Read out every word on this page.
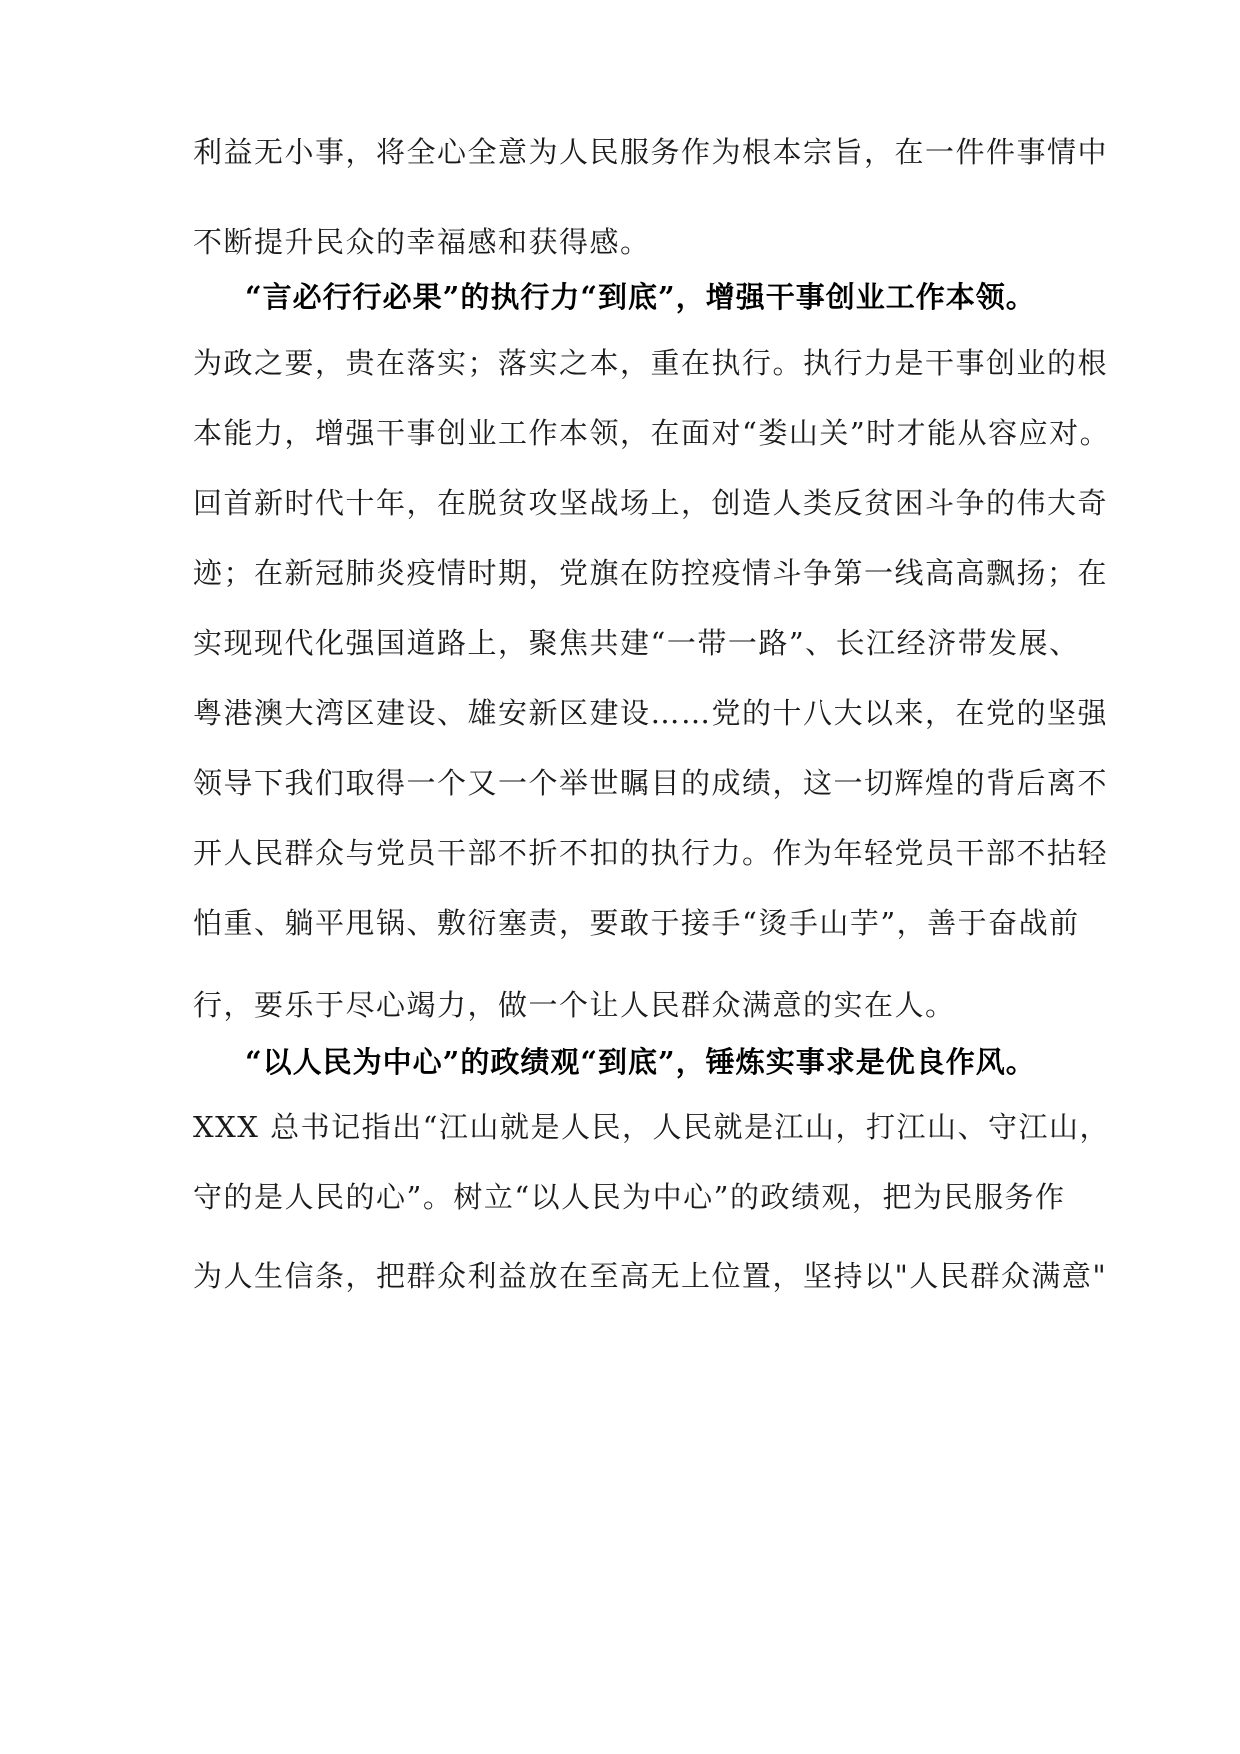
利益无小事，将全心全意为人民服务作为根本宗旨，在一件件事情中
不断提升民众的幸福感和获得感。
“言必行行必果”的执行力“到底”，增强干事创业工作本领。
为政之要，贵在落实；落实之本，重在执行。执行力是干事创业的根
本能力，增强干事创业工作本领，在面对“娄山关”时才能从容应对。
回首新时代十年，在脱贫攻坚战场上，创造人类反贫困斗争的伟大奇
迹；在新冠肺炎疫情时期，党旗在防控疫情斗争第一线高高飘扬；在
实现现代化强国道路上，聚焦共建“一带一路”、长江经济带发展、
粤港澳大湾区建设、雄安新区建设……党的十八大以来，在党的坚强
领导下我们取得一个又一个举世瞩目的成绩，这一切辉煌的背后离不
开人民群众与党员干部不折不扣的执行力。作为年轻党员干部不拈轻
怕重、躺平甩锅、敷衍塞责，要敢于接手“烫手山芋”，善于奋战前
行，要乐于尽心竭力，做一个让人民群众满意的实在人。
“以人民为中心”的政绩观“到底”，锤炼实事求是优良作风。
XXX 总书记指出“江山就是人民，人民就是江山，打江山、守江山，
守的是人民的心”。树立“以人民为中心”的政绩观，把为民服务作
为人生信条，把群众利益放在至高无上位置，坚持以"人民群众满意"
